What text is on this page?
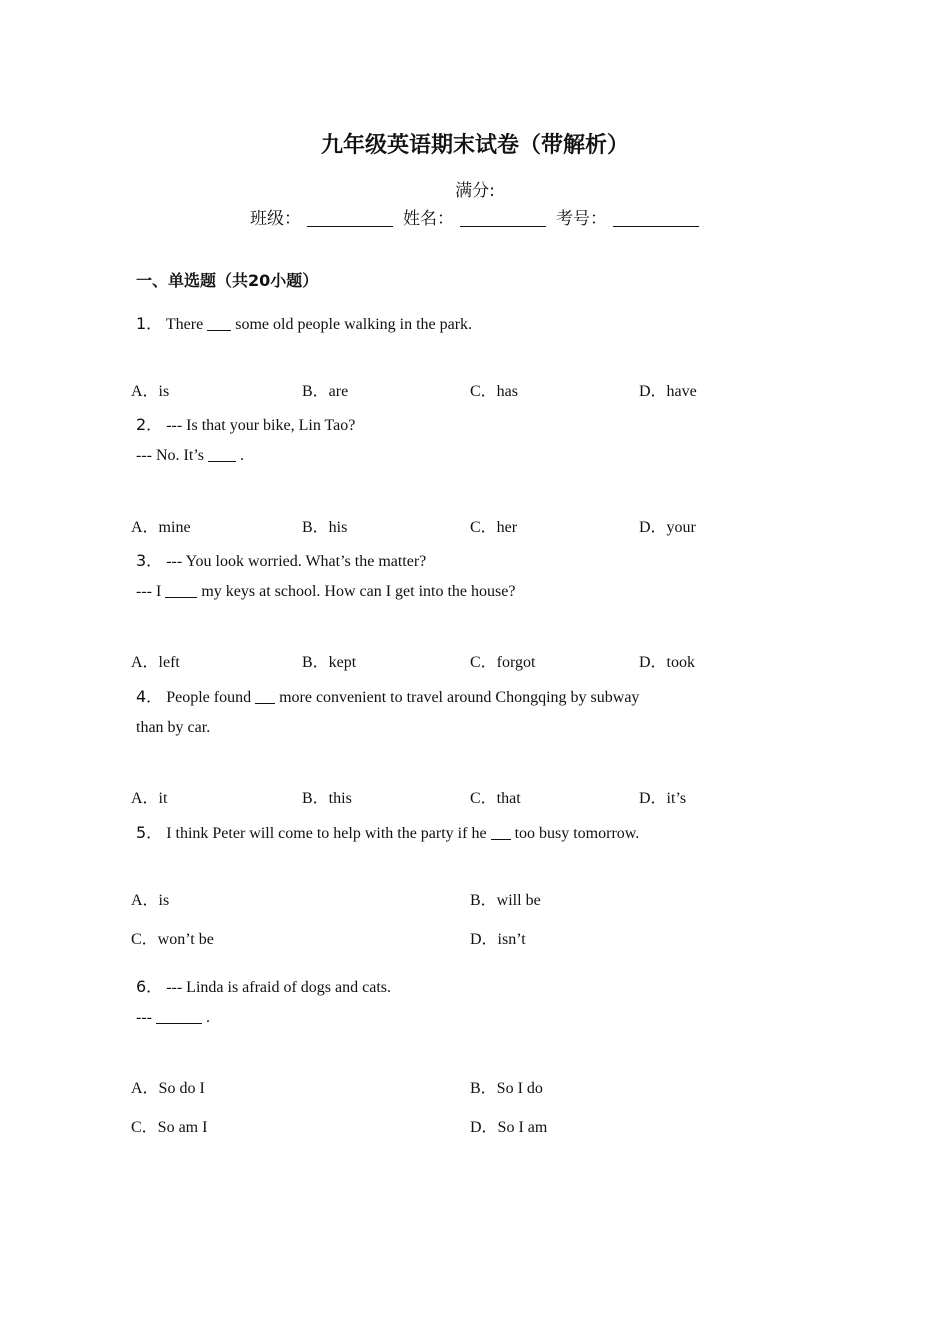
九年级英语期末试卷（带解析）
满分:
班级：	姓名：	考号：
一、单选题（共20小题）
1． There some old people walking in the park.
A．is	B．are	C．has	D．have
2． --- Is that your bike, Lin Tao?
--- No. It’s .
A．mine	B．his	C．her	D．your
3． --- You look worried. What’s the matter?
--- I	my keys at school. How can I get into the house?
A．left	B．kept	C．forgot	D．took
4． People found more convenient to travel around Chongqing by subway
than by car.
A．it	B．this	C．that	D．it’s
5． I think Peter will come to help with the party if he too busy tomorrow.
A．is	B．will be
C．won’t be	D．isn’t
6． --- Linda is afraid of dogs and cats.
---	.
A．So do I	B．So I do
C．So am I	D．So I am
